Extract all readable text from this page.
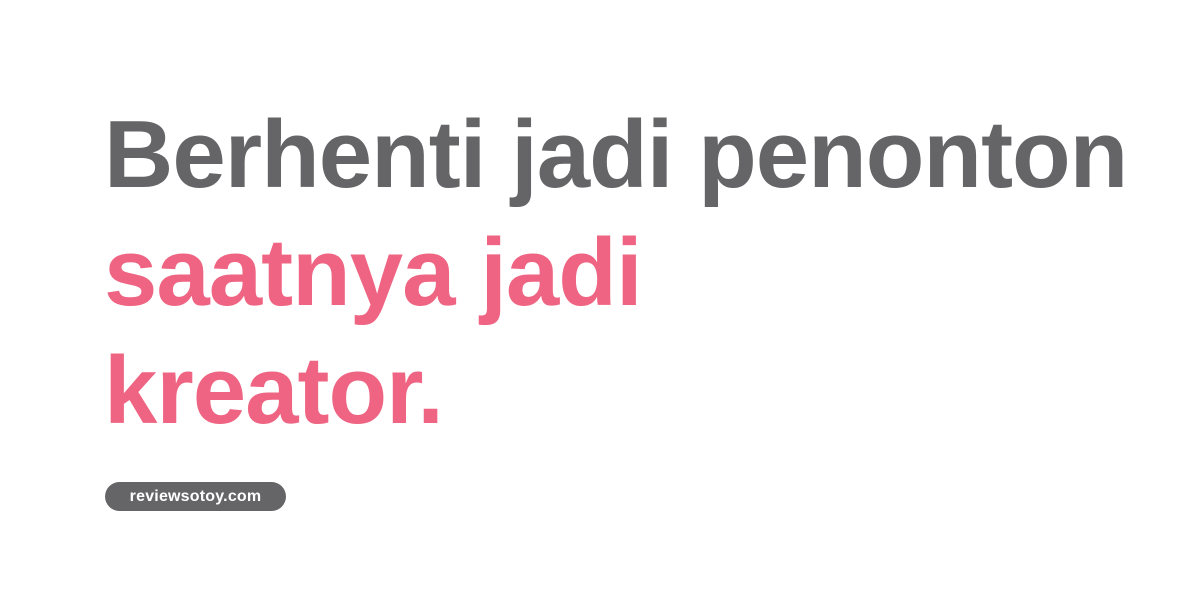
Berhenti jadi penonton
saatnya jadi
kreator.
reviewsotoy.com
